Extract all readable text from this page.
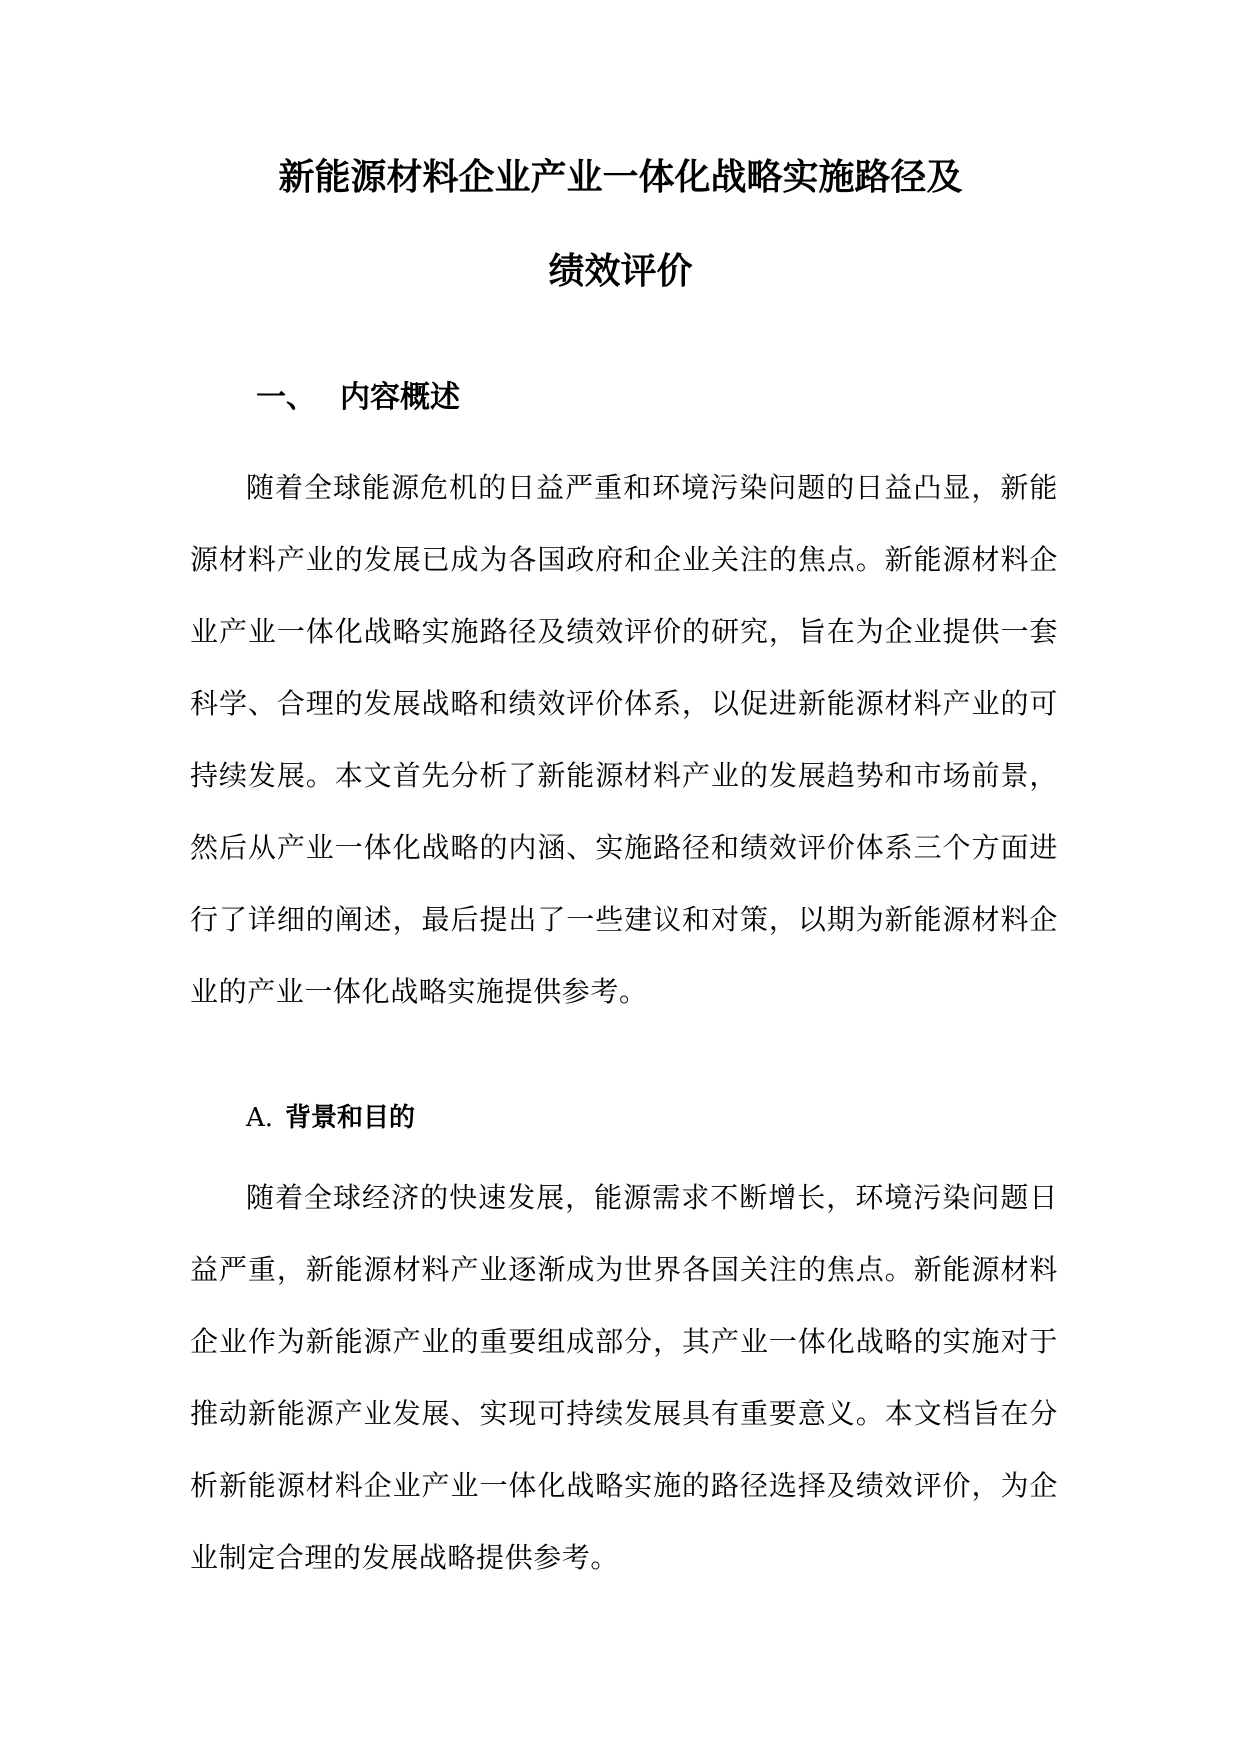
新能源材料企业产业一体化战略实施路径及
绩效评价
一、 内容概述

随着全球能源危机的日益严重和环境污染问题的日益凸显，新能源材料产业的发展已成为各国政府和企业关注的焦点。新能源材料企业产业一体化战略实施路径及绩效评价的研究，旨在为企业提供一套科学、合理的发展战略和绩效评价体系，以促进新能源材料产业的可持续发展。本文首先分析了新能源材料产业的发展趋势和市场前景，然后从产业一体化战略的内涵、实施路径和绩效评价体系三个方面进行了详细的阐述，最后提出了一些建议和对策，以期为新能源材料企业的产业一体化战略实施提供参考。

A. 背景和目的

随着全球经济的快速发展，能源需求不断增长，环境污染问题日益严重，新能源材料产业逐渐成为世界各国关注的焦点。新能源材料企业作为新能源产业的重要组成部分，其产业一体化战略的实施对于推动新能源产业发展、实现可持续发展具有重要意义。本文档旨在分析新能源材料企业产业一体化战略实施的路径选择及绩效评价，为企业制定合理的发展战略提供参考。
